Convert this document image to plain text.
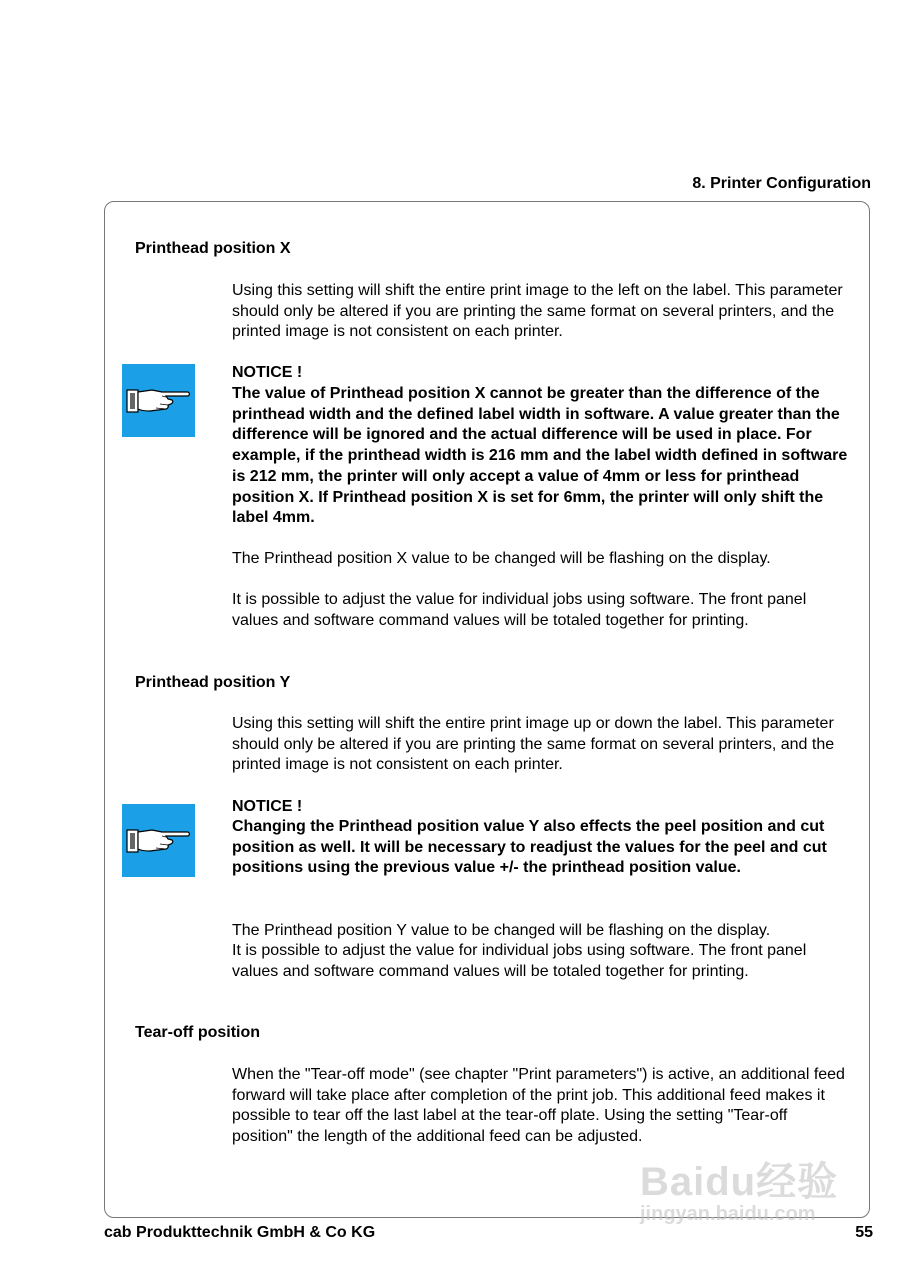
8. Printer Configuration
Printhead position X
Using this setting will shift the entire print image to the left on the label. This parameter should only be altered if you are printing the same format on several printers, and the printed image is not consistent on each printer.
NOTICE !
The value of Printhead position X cannot be greater than the difference of the printhead width and the defined label width in software. A value greater than the difference will be ignored and the actual difference will be used in place. For example, if the printhead width is 216 mm and the label width defined in software is 212 mm, the printer will only accept a value of 4mm or less for printhead position X. If Printhead position X is set for 6mm, the printer will only shift the label 4mm.
The Printhead position X value to be changed will be flashing on the display.
It is possible to adjust the value for individual jobs using software. The front panel values and software command values will be totaled together for printing.
Printhead position Y
Using this setting will shift the entire print image up or down the label. This parameter should only be altered if you are printing the same format on several printers, and the printed image is not consistent on each printer.
NOTICE !
Changing the Printhead position value Y also effects the peel position and cut position as well. It will be necessary to readjust the values for the peel and cut positions using the previous value +/- the printhead position value.
The Printhead position Y value to be changed will be flashing on the display.
It is possible to adjust the value for individual jobs using software. The front panel values and software command values will be totaled together for printing.
Tear-off position
When the "Tear-off mode" (see chapter "Print parameters") is active, an additional feed forward will take place after completion of the print job. This additional feed makes it possible to tear off the last label at the tear-off plate. Using the setting "Tear-off position" the length of the additional feed can be adjusted.
Baidu经验
jingyan.baidu.com
cab Produkttechnik GmbH & Co KG	55
